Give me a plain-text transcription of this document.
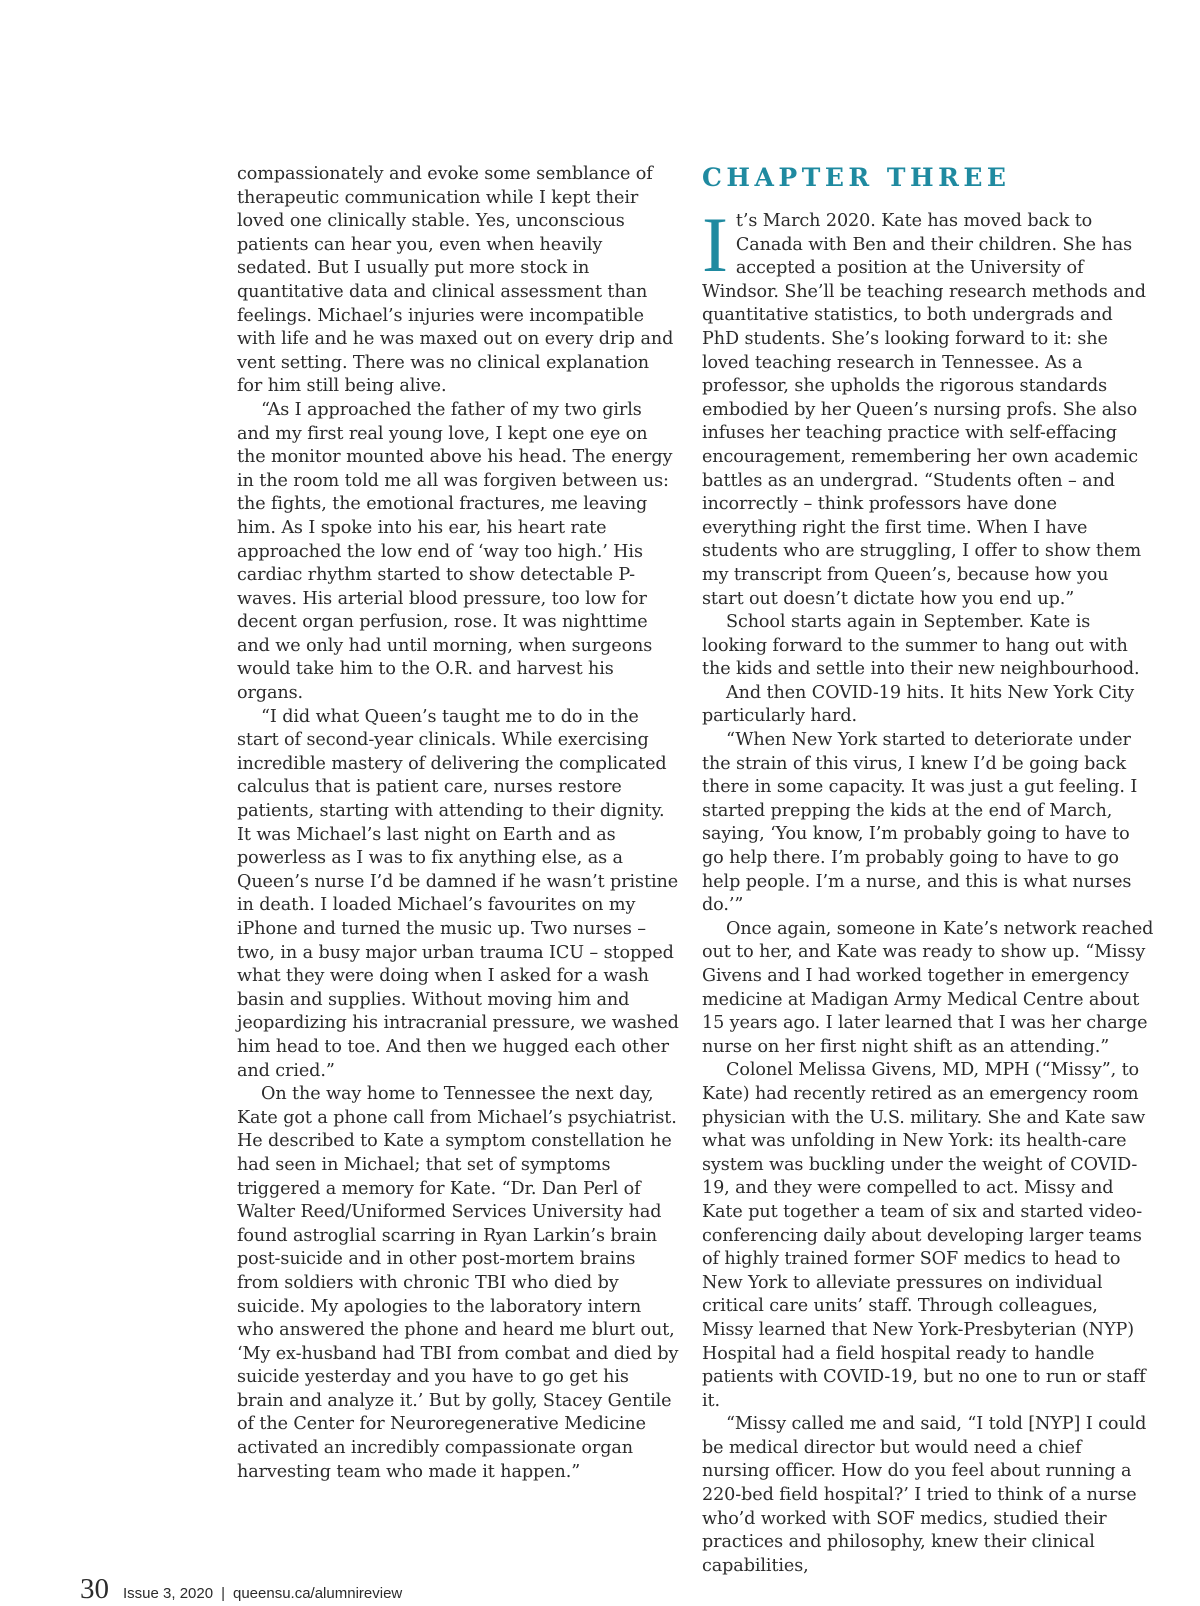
compassionately and evoke some semblance of therapeutic communication while I kept their loved one clinically stable. Yes, unconscious patients can hear you, even when heavily sedated. But I usually put more stock in quantitative data and clinical assessment than feelings. Michael’s injuries were incompatible with life and he was maxed out on every drip and vent setting. There was no clinical explanation for him still being alive.

“As I approached the father of my two girls and my first real young love, I kept one eye on the monitor mounted above his head. The energy in the room told me all was forgiven between us: the fights, the emotional fractures, me leaving him. As I spoke into his ear, his heart rate approached the low end of ‘way too high.’ His cardiac rhythm started to show detectable P-waves. His arterial blood pressure, too low for decent organ perfusion, rose. It was nighttime and we only had until morning, when surgeons would take him to the O.R. and harvest his organs.

“I did what Queen’s taught me to do in the start of second-year clinicals. While exercising incredible mastery of delivering the complicated calculus that is patient care, nurses restore patients, starting with attending to their dignity. It was Michael’s last night on Earth and as powerless as I was to fix anything else, as a Queen’s nurse I’d be damned if he wasn’t pristine in death. I loaded Michael’s favourites on my iPhone and turned the music up. Two nurses – two, in a busy major urban trauma ICU – stopped what they were doing when I asked for a wash basin and supplies. Without moving him and jeopardizing his intracranial pressure, we washed him head to toe. And then we hugged each other and cried.”

On the way home to Tennessee the next day, Kate got a phone call from Michael’s psychiatrist. He described to Kate a symptom constellation he had seen in Michael; that set of symptoms triggered a memory for Kate. “Dr. Dan Perl of Walter Reed/Uniformed Services University had found astroglial scarring in Ryan Larkin’s brain post-suicide and in other post-mortem brains from soldiers with chronic TBI who died by suicide. My apologies to the laboratory intern who answered the phone and heard me blurt out, ‘My ex-husband had TBI from combat and died by suicide yesterday and you have to go get his brain and analyze it.’ But by golly, Stacey Gentile of the Center for Neuroregenerative Medicine activated an incredibly compassionate organ harvesting team who made it happen.”

CHAPTER THREE

It’s March 2020. Kate has moved back to Canada with Ben and their children. She has accepted a position at the University of Windsor. She’ll be teaching research methods and quantitative statistics, to both undergrads and PhD students. She’s looking forward to it: she loved teaching research in Tennessee. As a professor, she upholds the rigorous standards embodied by her Queen’s nursing profs. She also infuses her teaching practice with self-effacing encouragement, remembering her own academic battles as an undergrad. “Students often – and incorrectly – think professors have done everything right the first time. When I have students who are struggling, I offer to show them my transcript from Queen’s, because how you start out doesn’t dictate how you end up.”

School starts again in September. Kate is looking forward to the summer to hang out with the kids and settle into their new neighbourhood.

And then COVID-19 hits. It hits New York City particularly hard.

“When New York started to deteriorate under the strain of this virus, I knew I’d be going back there in some capacity. It was just a gut feeling. I started prepping the kids at the end of March, saying, ‘You know, I’m probably going to have to go help there. I’m probably going to have to go help people. I’m a nurse, and this is what nurses do.’”

Once again, someone in Kate’s network reached out to her, and Kate was ready to show up. “Missy Givens and I had worked together in emergency medicine at Madigan Army Medical Centre about 15 years ago. I later learned that I was her charge nurse on her first night shift as an attending.”

Colonel Melissa Givens, MD, MPH (“Missy”, to Kate) had recently retired as an emergency room physician with the U.S. military. She and Kate saw what was unfolding in New York: its health-care system was buckling under the weight of COVID-19, and they were compelled to act. Missy and Kate put together a team of six and started video-conferencing daily about developing larger teams of highly trained former SOF medics to head to New York to alleviate pressures on individual critical care units’ staff. Through colleagues, Missy learned that New York-Presbyterian (NYP) Hospital had a field hospital ready to handle patients with COVID-19, but no one to run or staff it.

“Missy called me and said, “I told [NYP] I could be medical director but would need a chief nursing officer. How do you feel about running a 220-bed field hospital?’ I tried to think of a nurse who’d worked with SOF medics, studied their practices and philosophy, knew their clinical capabilities,

30 Issue 3, 2020 | queensu.ca/alumnireview
